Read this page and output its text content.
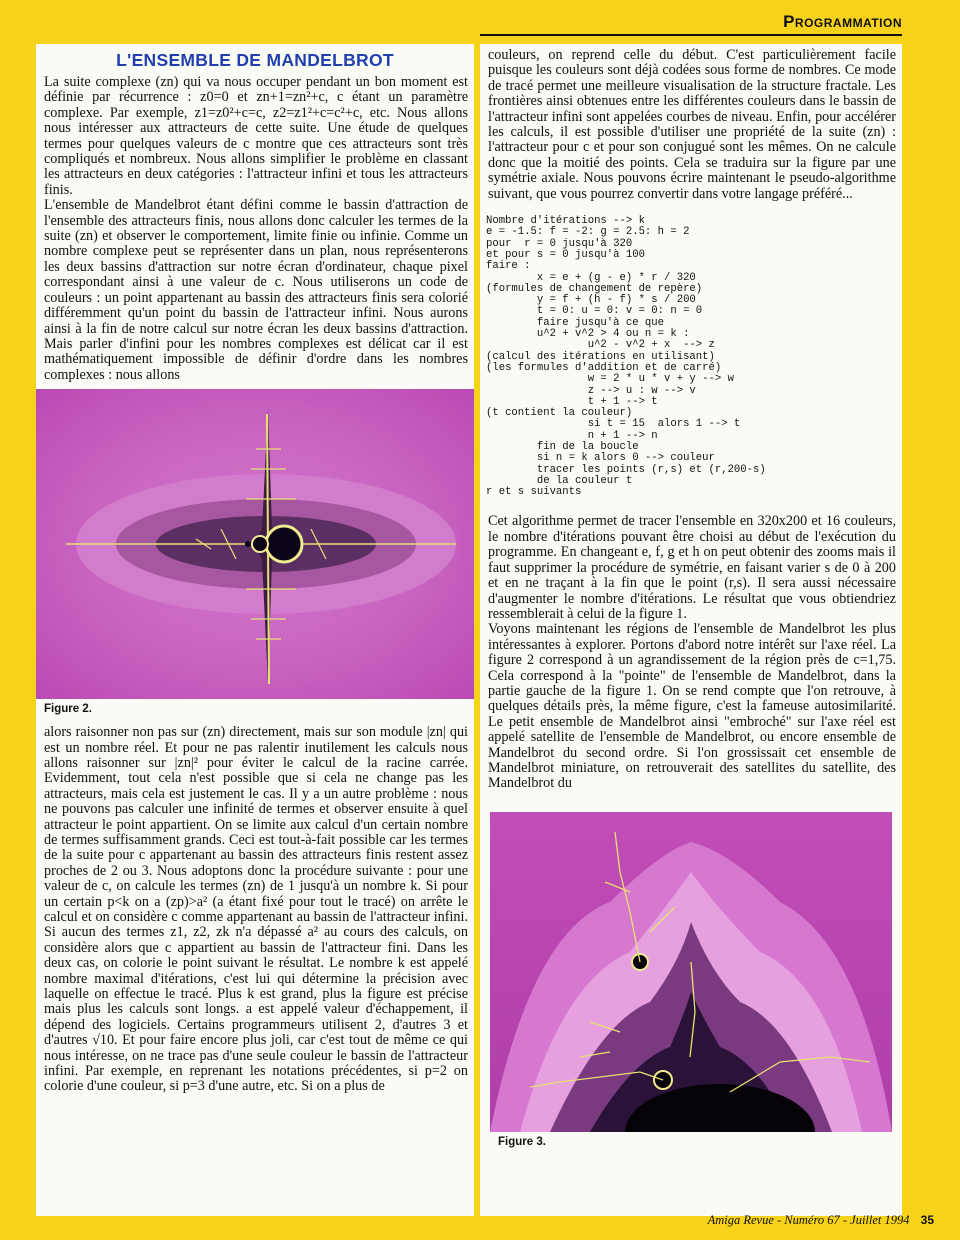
Programmation
L'ENSEMBLE DE MANDELBROT

La suite complexe (zn) qui va nous occuper pendant un bon moment est définie par récurrence : z0=0 et zn+1=zn²+c, c étant un paramètre complexe. Par exemple, z1=z0²+c=c, z2=z1²+c=c²+c, etc. Nous allons nous intéresser aux attracteurs de cette suite. Une étude de quelques termes pour quelques valeurs de c montre que ces attracteurs sont très compliqués et nombreux. Nous allons simplifier le problème en classant les attracteurs en deux catégories : l'attracteur infini et tous les attracteurs finis.

L'ensemble de Mandelbrot étant défini comme le bassin d'attraction de l'ensemble des attracteurs finis, nous allons donc calculer les termes de la suite (zn) et observer le comportement, limite finie ou infinie. Comme un nombre complexe peut se représenter dans un plan, nous représenterons les deux bassins d'attraction sur notre écran d'ordinateur, chaque pixel correspondant ainsi à une valeur de c. Nous utiliserons un code de couleurs : un point appartenant au bassin des attracteurs finis sera colorié différemment qu'un point du bassin de l'attracteur infini. Nous aurons ainsi à la fin de notre calcul sur notre écran les deux bassins d'attraction. Mais parler d'infini pour les nombres complexes est délicat car il est mathématiquement impossible de définir d'ordre dans les nombres complexes : nous allons

Figure 2.

alors raisonner non pas sur (zn) directement, mais sur son module |zn| qui est un nombre réel. Et pour ne pas ralentir inutilement les calculs nous allons raisonner sur |zn|² pour éviter le calcul de la racine carrée. Evidemment, tout cela n'est possible que si cela ne change pas les attracteurs, mais cela est justement le cas. Il y a un autre problème : nous ne pouvons pas calculer une infinité de termes et observer ensuite à quel attracteur le point appartient. On se limite aux calcul d'un certain nombre de termes suffisamment grands. Ceci est tout-à-fait possible car les termes de la suite pour c appartenant au bassin des attracteurs finis restent assez proches de 2 ou 3. Nous adoptons donc la procédure suivante : pour une valeur de c, on calcule les termes (zn) de 1 jusqu'à un nombre k. Si pour un certain p<k on a (zp)>a² (a étant fixé pour tout le tracé) on arrête le calcul et on considère c comme appartenant au bassin de l'attracteur infini. Si aucun des termes z1, z2, zk n'a dépassé a² au cours des calculs, on considère alors que c appartient au bassin de l'attracteur fini. Dans les deux cas, on colorie le point suivant le résultat. Le nombre k est appelé nombre maximal d'itérations, c'est lui qui détermine la précision avec laquelle on effectue le tracé. Plus k est grand, plus la figure est précise mais plus les calculs sont longs. a est appelé valeur d'échappement, il dépend des logiciels. Certains programmeurs utilisent 2, d'autres 3 et d'autres √10. Et pour faire encore plus joli, car c'est tout de même ce qui nous intéresse, on ne trace pas d'une seule couleur le bassin de l'attracteur infini. Par exemple, en reprenant les notations précédentes, si p=2 on colorie d'une couleur, si p=3 d'une autre, etc. Si on a plus de

couleurs, on reprend celle du début. C'est particulièrement facile puisque les couleurs sont déjà codées sous forme de nombres. Ce mode de tracé permet une meilleure visualisation de la structure fractale. Les frontières ainsi obtenues entre les différentes couleurs dans le bassin de l'attracteur infini sont appelées courbes de niveau. Enfin, pour accélérer les calculs, il est possible d'utiliser une propriété de la suite (zn) : l'attracteur pour c et pour son conjugué sont les mêmes. On ne calcule donc que la moitié des points. Cela se traduira sur la figure par une symétrie axiale. Nous pouvons écrire maintenant le pseudo-algorithme suivant, que vous pourrez convertir dans votre langage préféré...

Nombre d'itérations --> k
e = -1.5: f = -2: g = 2.5: h = 2
pour  r = 0 jusqu'à 320
et pour s = 0 jusqu'à 100
faire :
x = e + (g - e) * r / 320
(formules de changement de repère)
y = f + (h - f) * s / 200
t = 0: u = 0: v = 0: n = 0
faire jusqu'à ce que
u^2 + v^2 > 4 ou n = k :
u^2 - v^2 + x  --> z
(calcul des itérations en utilisant)
(les formules d'addition et de carré)
w = 2 * u * v + y --> w
z --> u : w --> v
t + 1 --> t
(t contient la couleur)
si t = 15  alors 1 --> t
n + 1 --> n
fin de la boucle
si n = k alors 0 --> couleur
tracer les points (r,s) et (r,200-s)
de la couleur t
r et s suivants

Cet algorithme permet de tracer l'ensemble en 320x200 et 16 couleurs, le nombre d'itérations pouvant être choisi au début de l'exécution du programme. En changeant e, f, g et h on peut obtenir des zooms mais il faut supprimer la procédure de symétrie, en faisant varier s de 0 à 200 et en ne traçant à la fin que le point (r,s). Il sera aussi nécessaire d'augmenter le nombre d'itérations. Le résultat que vous obtiendriez ressemblerait à celui de la figure 1.

Voyons maintenant les régions de l'ensemble de Mandelbrot les plus intéressantes à explorer. Portons d'abord notre intérêt sur l'axe réel. La figure 2 correspond à un agrandissement de la région près de c=1,75. Cela correspond à la "pointe" de l'ensemble de Mandelbrot, dans la partie gauche de la figure 1. On se rend compte que l'on retrouve, à quelques détails près, la même figure, c'est la fameuse autosimilarité. Le petit ensemble de Mandelbrot ainsi "embroché" sur l'axe réel est appelé satellite de l'ensemble de Mandelbrot, ou encore ensemble de Mandelbrot du second ordre. Si l'on grossissait cet ensemble de Mandelbrot miniature, on retrouverait des satellites du satellite, des Mandelbrot du

Figure 3.
Amiga Revue - Numéro 67 - Juillet 1994 35
